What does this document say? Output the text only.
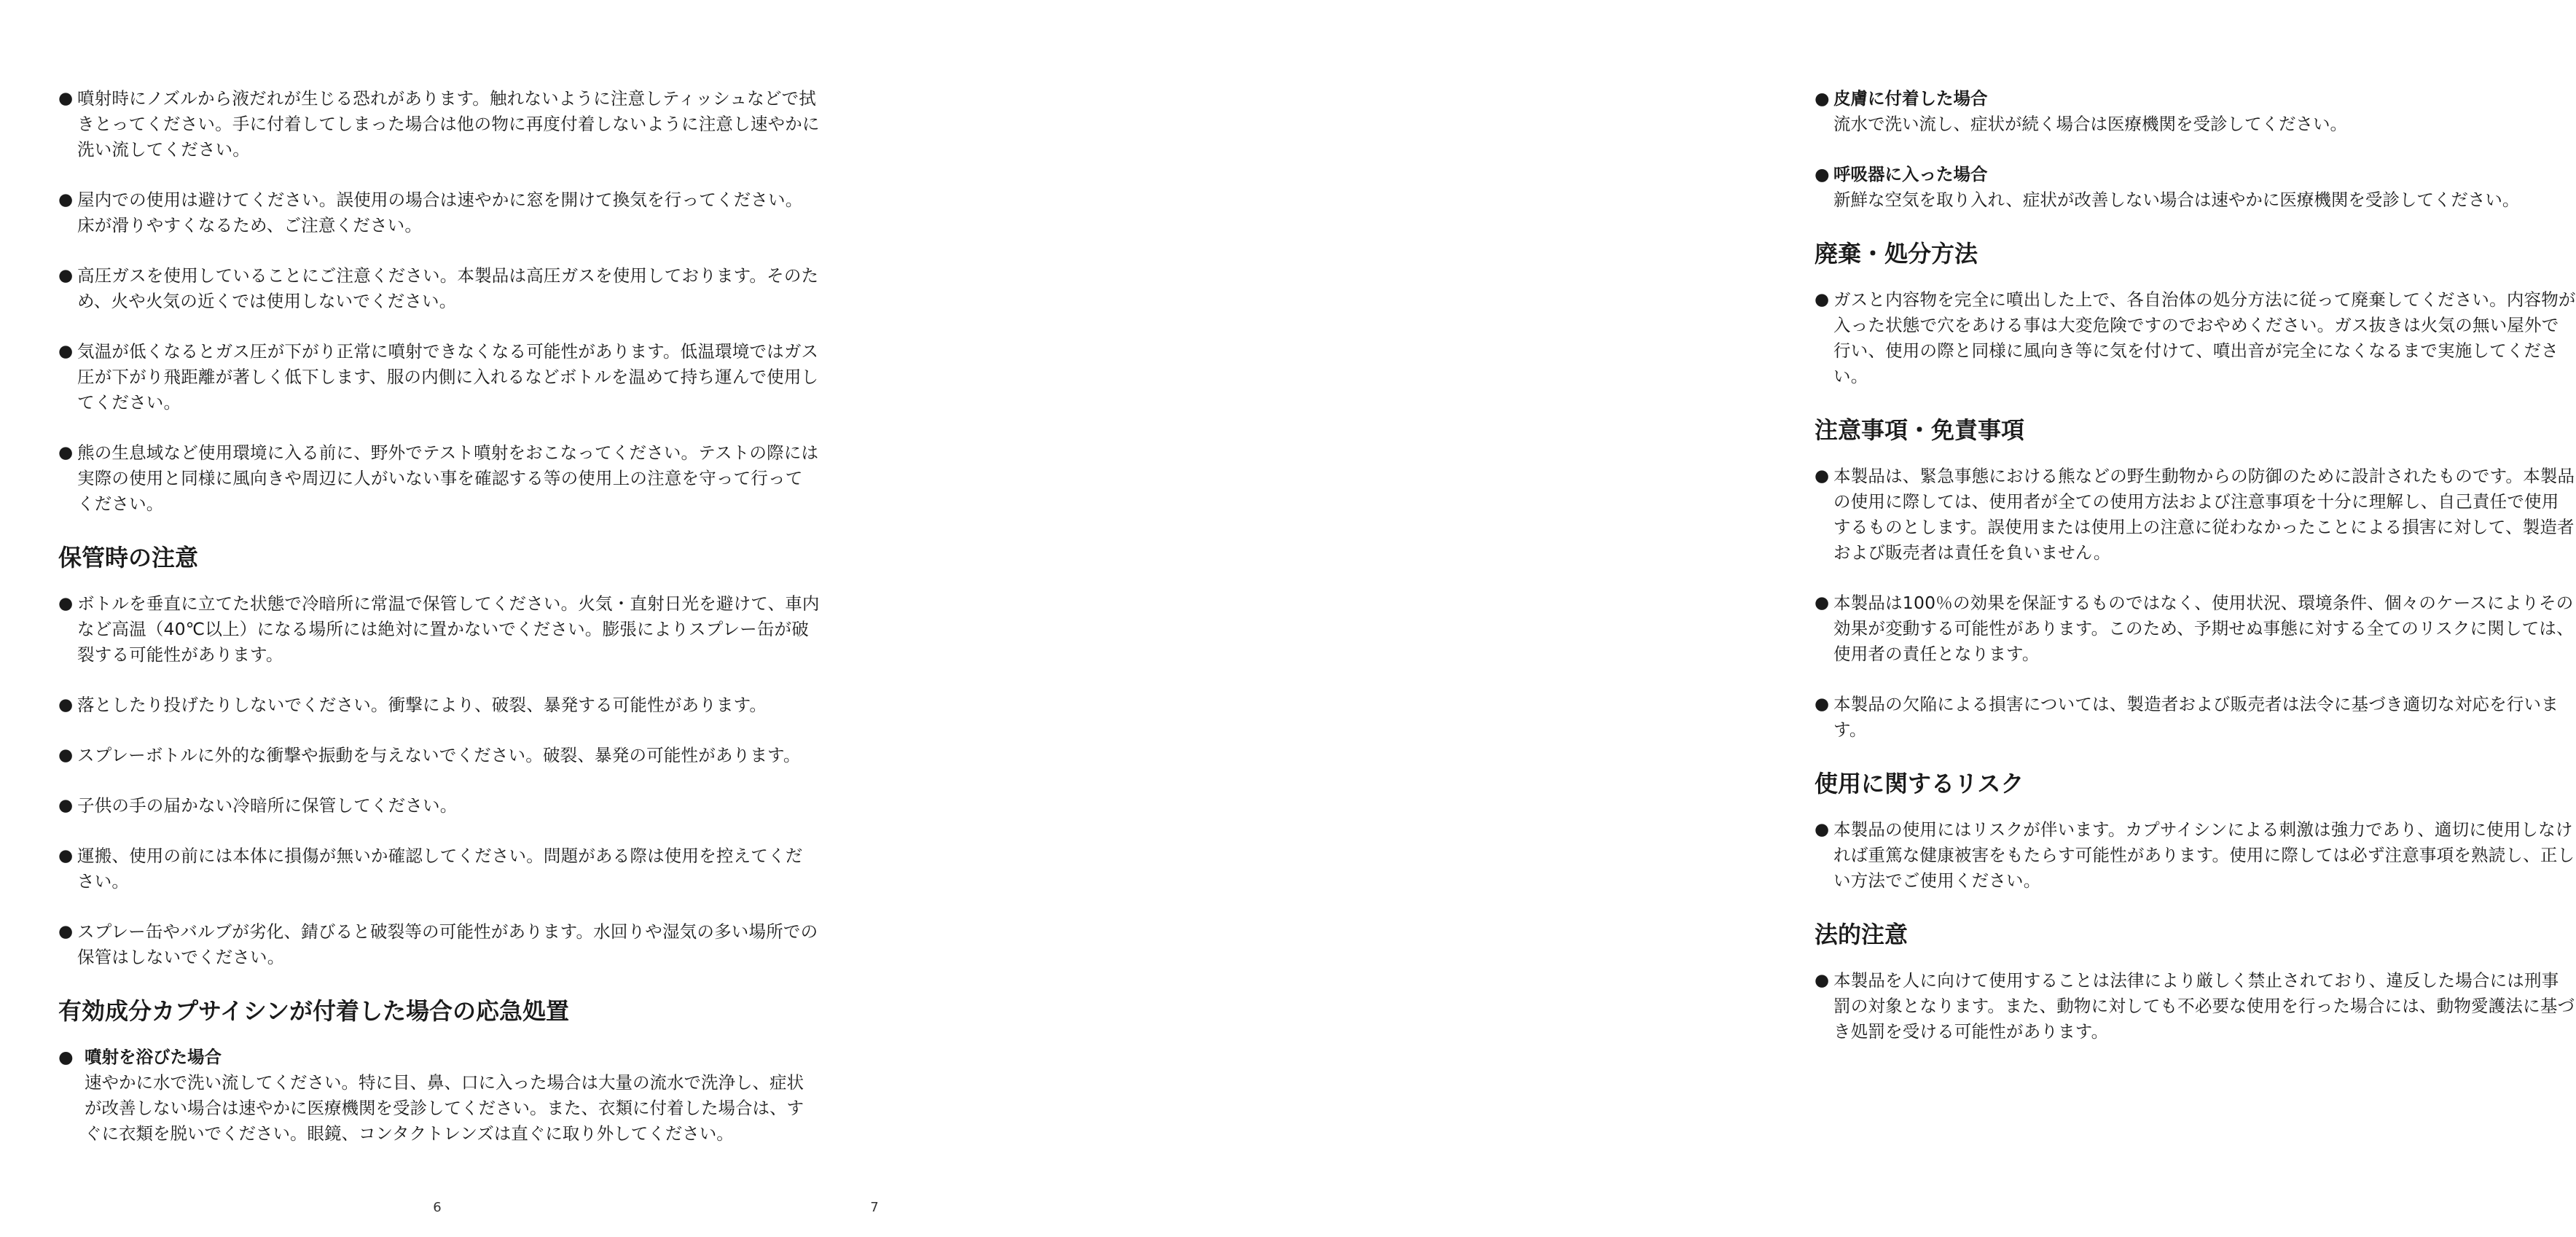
● 噴射時にノズルから液だれが生じる恐れがあります。触れないように注意しティッシュなどで拭きとってください。手に付着してしまった場合は他の物に再度付着しないように注意し速やかに洗い流してください。
● 屋内での使用は避けてください。誤使用の場合は速やかに窓を開けて換気を行ってください。床が滑りやすくなるため、ご注意ください。
● 高圧ガスを使用していることにご注意ください。本製品は高圧ガスを使用しております。そのため、火や火気の近くでは使用しないでください。
● 気温が低くなるとガス圧が下がり正常に噴射できなくなる可能性があります。低温環境ではガス圧が下がり飛距離が著しく低下します、服の内側に入れるなどボトルを温めて持ち運んで使用してください。
● 熊の生息域など使用環境に入る前に、野外でテスト噴射をおこなってください。テストの際には実際の使用と同様に風向きや周辺に人がいない事を確認する等の使用上の注意を守って行ってください。
保管時の注意
● ボトルを垂直に立てた状態で冷暗所に常温で保管してください。火気・直射日光を避けて、車内など高温（40℃以上）になる場所には絶対に置かないでください。膨張によりスプレー缶が破裂する可能性があります。
● 落としたり投げたりしないでください。衝撃により、破裂、暴発する可能性があります。
● スプレーボトルに外的な衝撃や振動を与えないでください。破裂、暴発の可能性があります。
● 子供の手の届かない冷暗所に保管してください。
● 運搬、使用の前には本体に損傷が無いか確認してください。問題がある際は使用を控えてください。
● スプレー缶やバルブが劣化、錆びると破裂等の可能性があります。水回りや湿気の多い場所での保管はしないでください。
有効成分カプサイシンが付着した場合の応急処置
● 噴射を浴びた場合
速やかに水で洗い流してください。特に目、鼻、口に入った場合は大量の流水で洗浄し、症状が改善しない場合は速やかに医療機関を受診してください。また、衣類に付着した場合は、すぐに衣類を脱いでください。眼鏡、コンタクトレンズは直ぐに取り外してください。
6
● 皮膚に付着した場合
流水で洗い流し、症状が続く場合は医療機関を受診してください。
● 呼吸器に入った場合
新鮮な空気を取り入れ、症状が改善しない場合は速やかに医療機関を受診してください。
廃棄・処分方法
● ガスと内容物を完全に噴出した上で、各自治体の処分方法に従って廃棄してください。内容物が入った状態で穴をあける事は大変危険ですのでおやめください。ガス抜きは火気の無い屋外で行い、使用の際と同様に風向き等に気を付けて、噴出音が完全になくなるまで実施してください。
注意事項・免責事項
● 本製品は、緊急事態における熊などの野生動物からの防御のために設計されたものです。本製品の使用に際しては、使用者が全ての使用方法および注意事項を十分に理解し、自己責任で使用するものとします。誤使用または使用上の注意に従わなかったことによる損害に対して、製造者および販売者は責任を負いません。
● 本製品は100％の効果を保証するものではなく、使用状況、環境条件、個々のケースによりその効果が変動する可能性があります。このため、予期せぬ事態に対する全てのリスクに関しては、使用者の責任となります。
● 本製品の欠陥による損害については、製造者および販売者は法令に基づき適切な対応を行います。
使用に関するリスク
● 本製品の使用にはリスクが伴います。カプサイシンによる刺激は強力であり、適切に使用しなければ重篤な健康被害をもたらす可能性があります。使用に際しては必ず注意事項を熟読し、正しい方法でご使用ください。
法的注意
● 本製品を人に向けて使用することは法律により厳しく禁止されており、違反した場合には刑事罰の対象となります。また、動物に対しても不必要な使用を行った場合には、動物愛護法に基づき処罰を受ける可能性があります。
7
